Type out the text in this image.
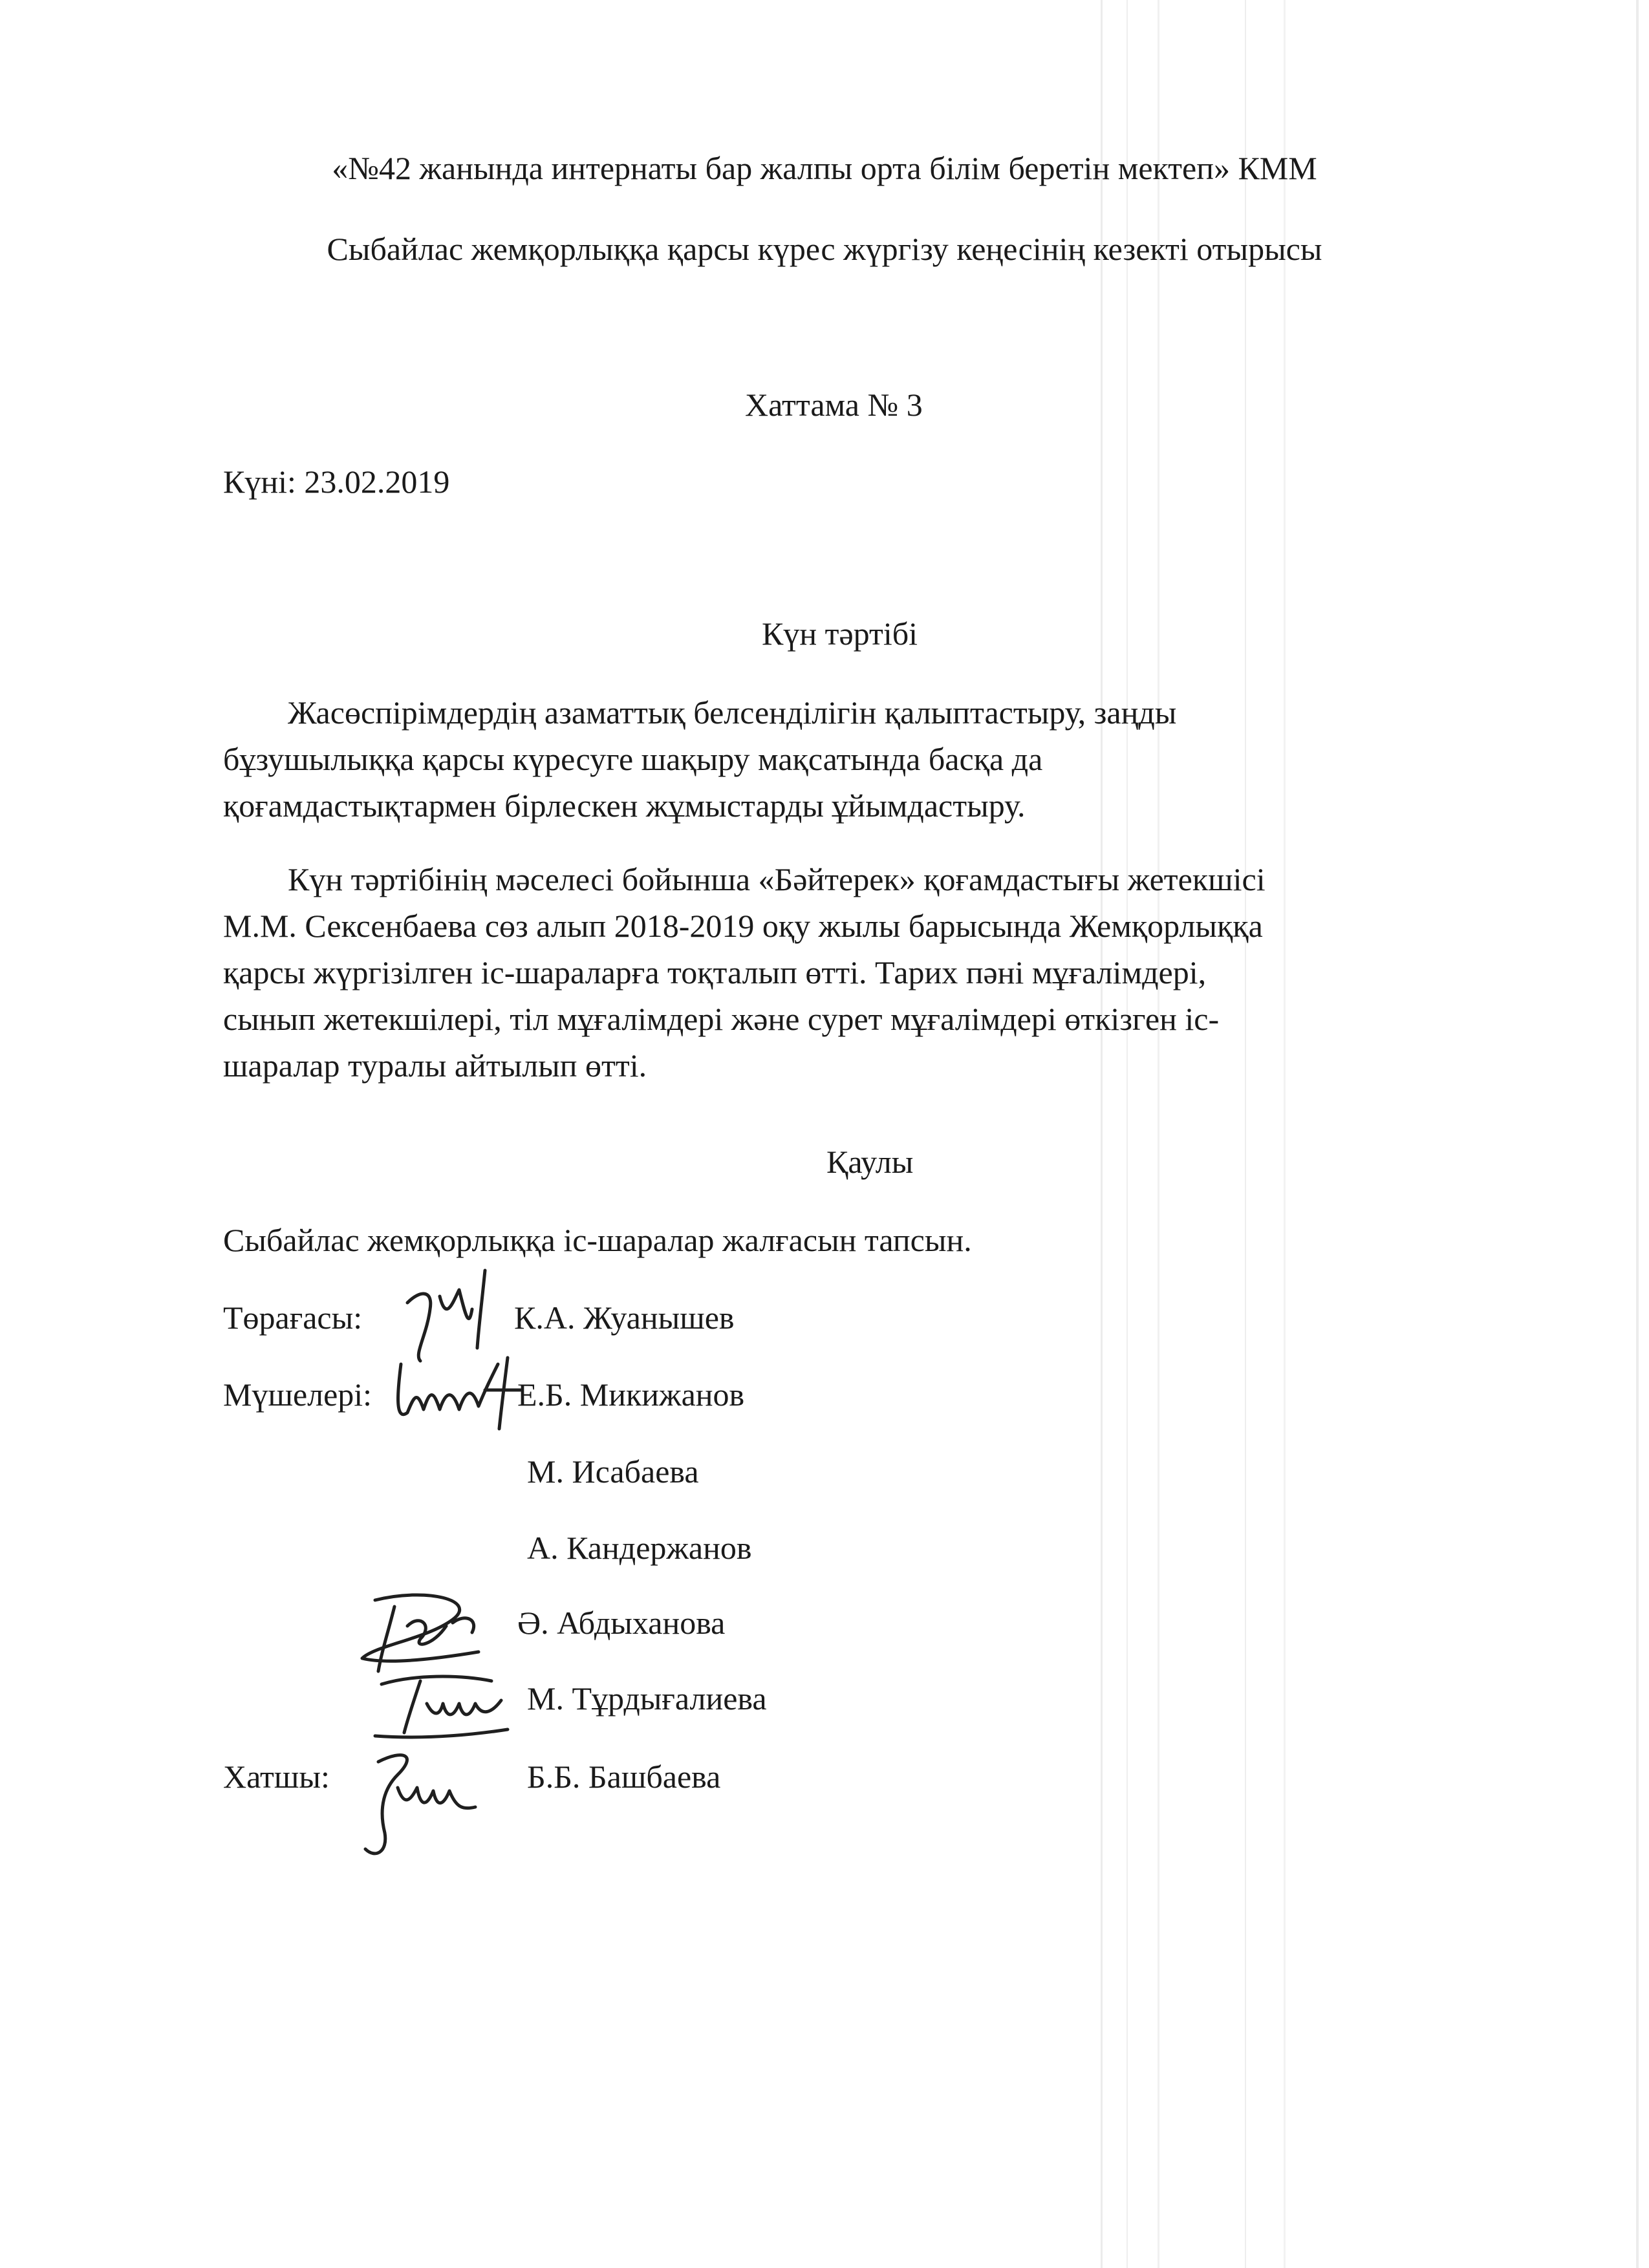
«№42 жанында интернаты бар жалпы орта білім беретін мектеп» КММ
Сыбайлас жемқорлыққа қарсы күрес жүргізу кеңесінің кезекті отырысы
Хаттама № 3
Күні: 23.02.2019
Күн тәртібі
Жасөспірімдердің азаматтық белсенділігін қалыптастыру, заңды
бұзушылыққа қарсы күресуге шақыру мақсатында басқа да
қоғамдастықтармен бірлескен жұмыстарды ұйымдастыру.
Күн тәртібінің мәселесі бойынша «Бәйтерек» қоғамдастығы жетекшісі
М.М. Сексенбаева сөз алып 2018-2019 оқу жылы барысында Жемқорлыққа
қарсы жүргізілген іс-шараларға тоқталып өтті. Тарих пәні мұғалімдері,
сынып жетекшілері, тіл мұғалімдері және сурет мұғалімдері өткізген іс-
шаралар туралы айтылып өтті.
Қаулы
Сыбайлас жемқорлыққа іс-шаралар жалғасын тапсын.
Төрағасы:	К.А. Жуанышев
Мүшелері:	Е.Б. Микижанов
М. Исабаева
А. Кандержанов
Ә. Абдыханова
М. Тұрдығалиева
Хатшы:	Б.Б. Башбаева
